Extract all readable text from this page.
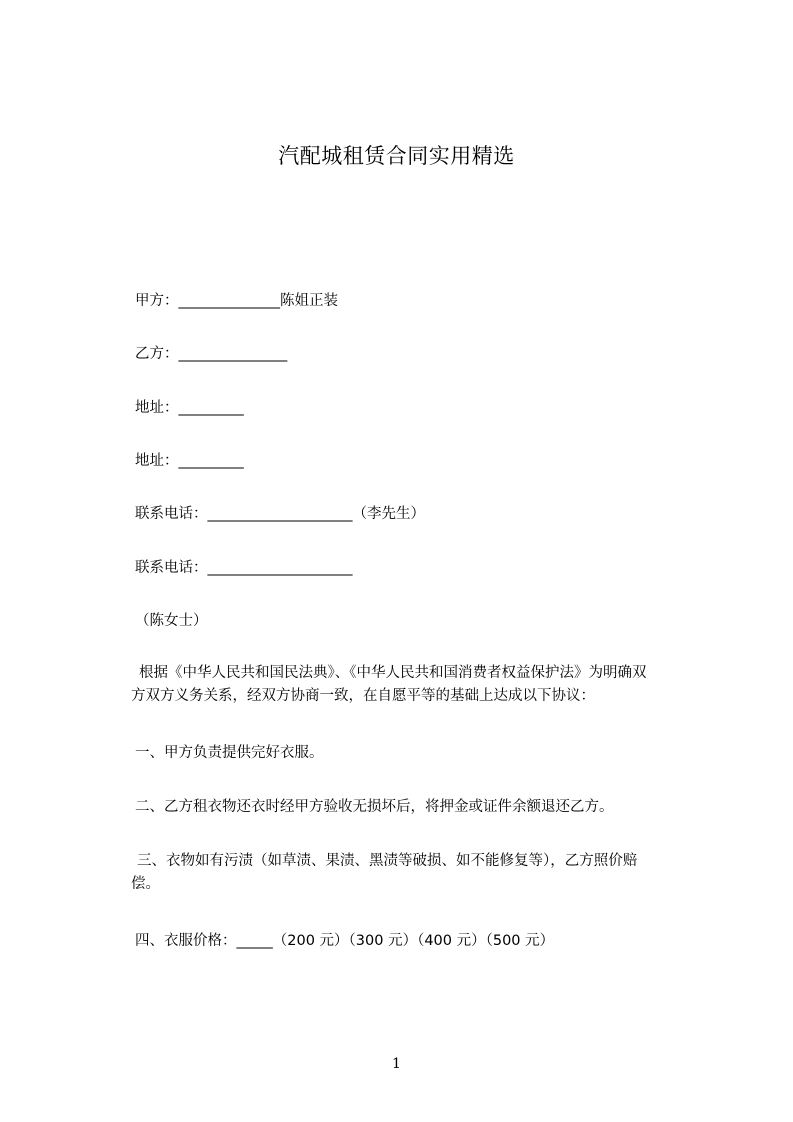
汽配城租赁合同实用精选
甲方：______________陈姐正装
乙方：_______________
地址：_________
地址：_________
联系电话：____________________（李先生）
联系电话：____________________
（陈女士）
根据《中华人民共和国民法典》、《中华人民共和国消费者权益保护法》为明确双
方双方义务关系，经双方协商一致，在自愿平等的基础上达成以下协议：
一、甲方负责提供完好衣服。
二、乙方租衣物还衣时经甲方验收无损坏后，将押金或证件余额退还乙方。
三、衣物如有污渍（如草渍、果渍、黑渍等破损、如不能修复等），乙方照价赔
偿。
四、衣服价格：_____（200 元）（300 元）（400 元）（500 元）
1
